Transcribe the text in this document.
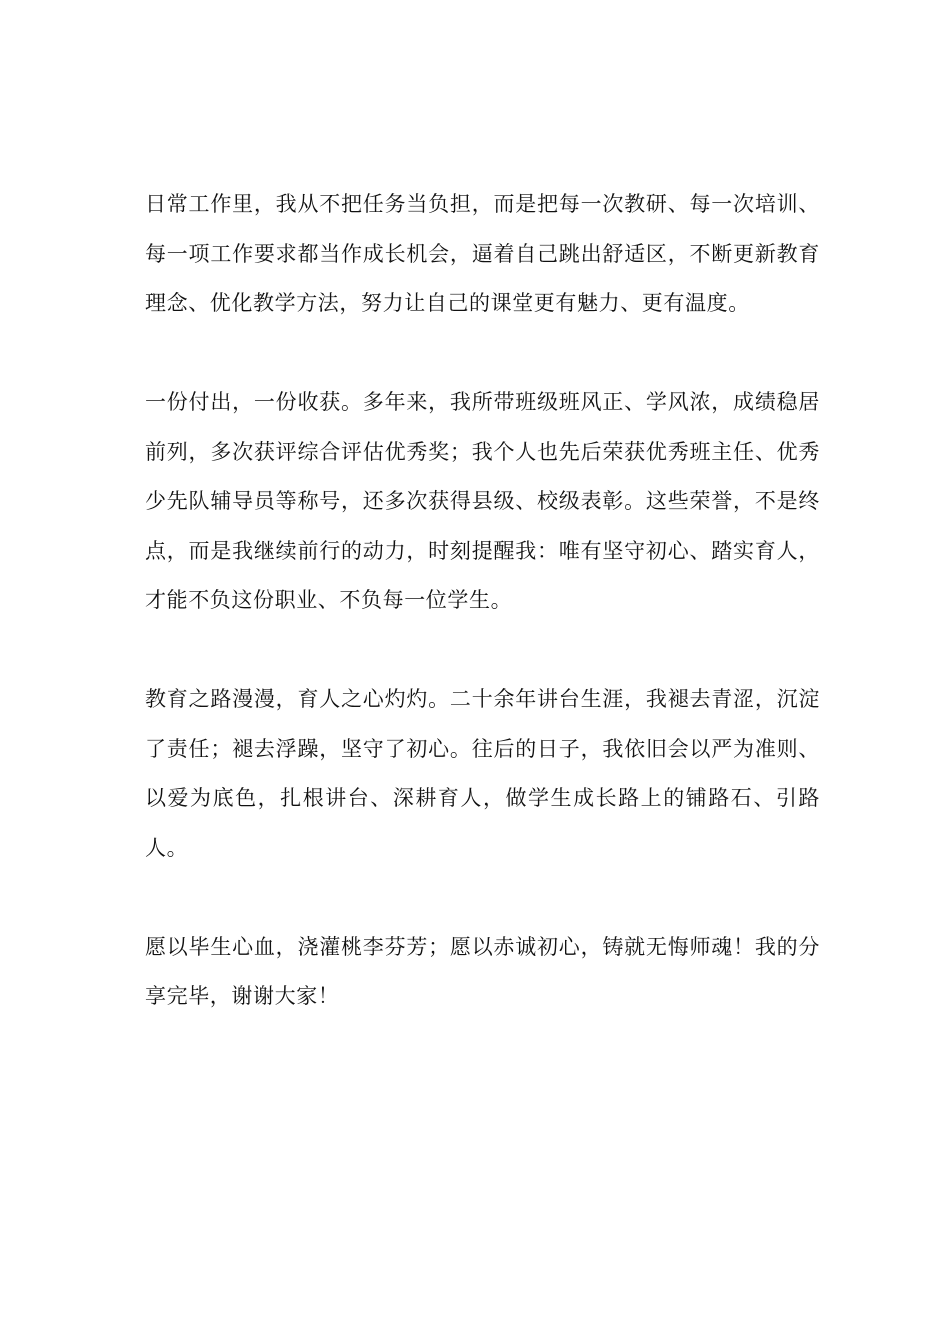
日常工作里，我从不把任务当负担，而是把每一次教研、每一次培训、每一项工作要求都当作成长机会，逼着自己跳出舒适区，不断更新教育理念、优化教学方法，努力让自己的课堂更有魅力、更有温度。

一份付出，一份收获。多年来，我所带班级班风正、学风浓，成绩稳居前列，多次获评综合评估优秀奖；我个人也先后荣获优秀班主任、优秀少先队辅导员等称号，还多次获得县级、校级表彰。这些荣誉，不是终点，而是我继续前行的动力，时刻提醒我：唯有坚守初心、踏实育人，才能不负这份职业、不负每一位学生。

教育之路漫漫，育人之心灼灼。二十余年讲台生涯，我褪去青涩，沉淀了责任；褪去浮躁，坚守了初心。往后的日子，我依旧会以严为准则、以爱为底色，扎根讲台、深耕育人，做学生成长路上的铺路石、引路人。

愿以毕生心血，浇灌桃李芬芳；愿以赤诚初心，铸就无悔师魂！我的分享完毕，谢谢大家！
